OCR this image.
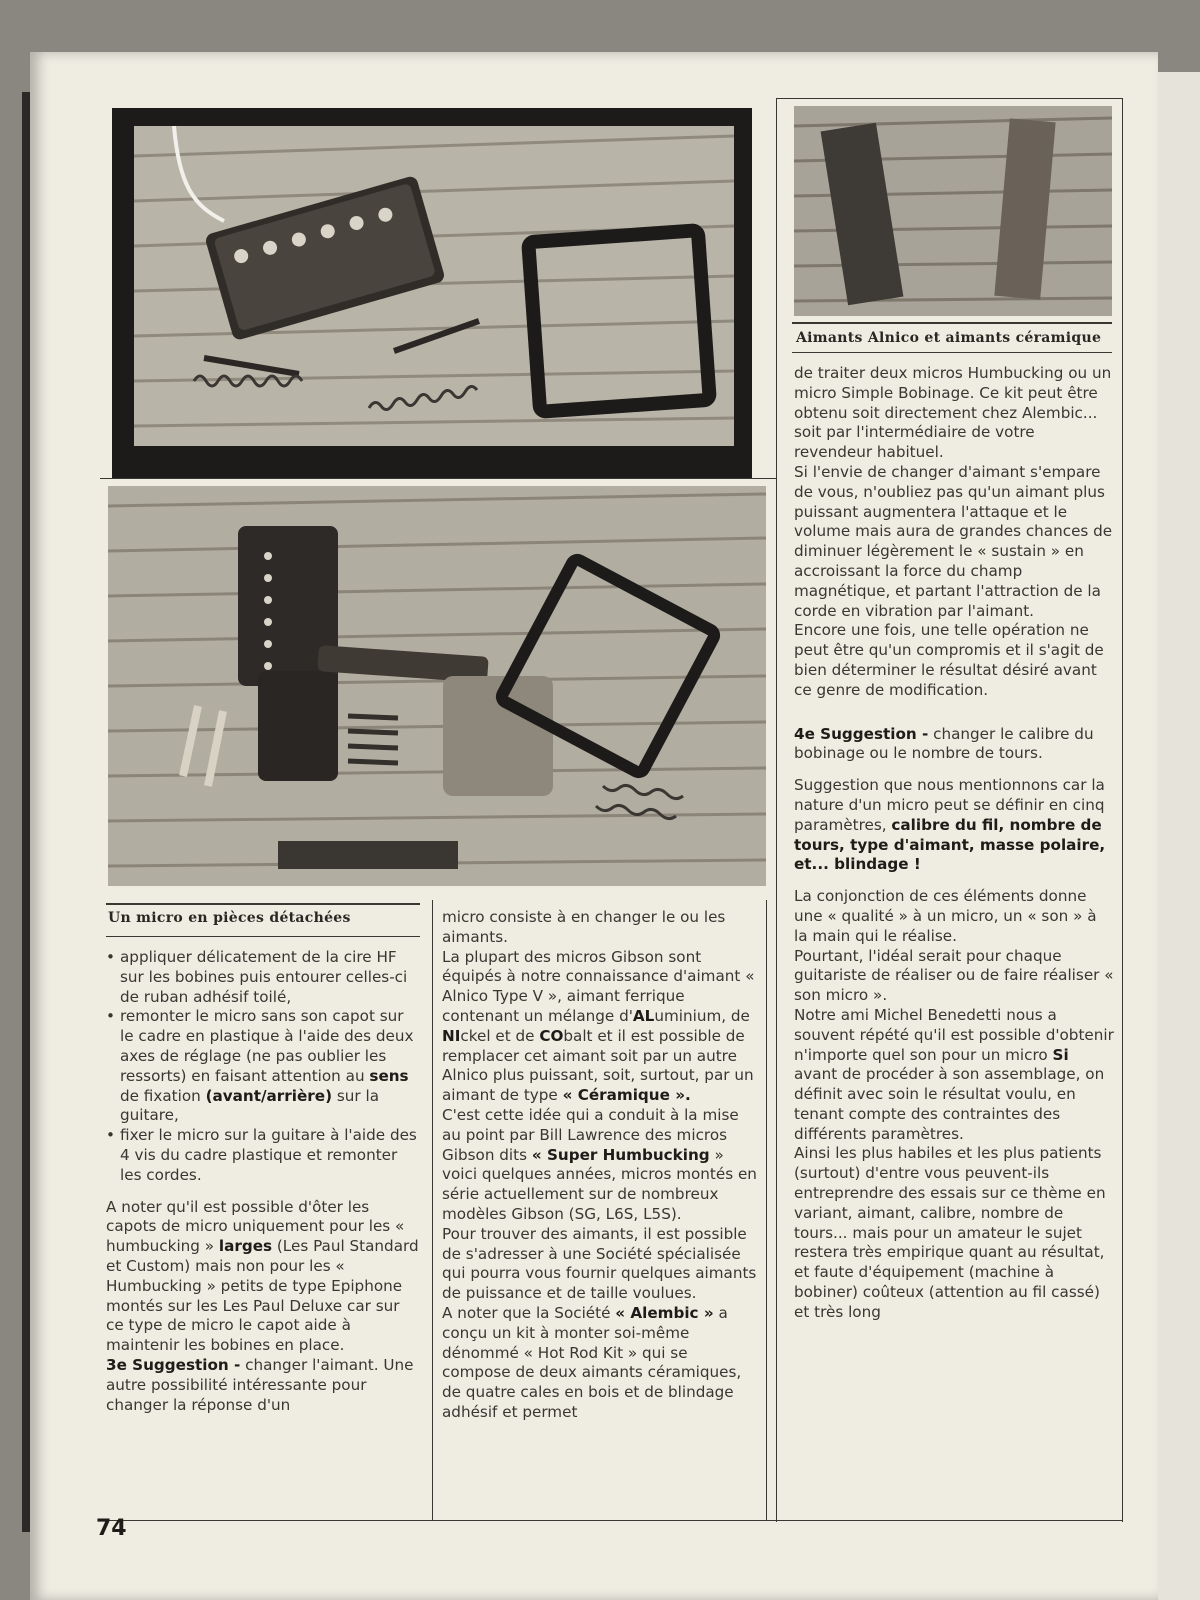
Aimants Alnico et aimants céramique
Un micro en pièces détachées
• appliquer délicatement de la cire HF sur les bobines puis entourer celles-ci de ruban adhésif toilé,
• remonter le micro sans son capot sur le cadre en plastique à l'aide des deux axes de réglage (ne pas oublier les ressorts) en faisant attention au sens de fixation (avant/arrière) sur la guitare,
• fixer le micro sur la guitare à l'aide des 4 vis du cadre plastique et remonter les cordes.

A noter qu'il est possible d'ôter les capots de micro uniquement pour les « humbucking » larges (Les Paul Standard et Custom) mais non pour les « Humbucking » petits de type Epiphone montés sur les Les Paul Deluxe car sur ce type de micro le capot aide à maintenir les bobines en place.

3e Suggestion - changer l'aimant. Une autre possibilité intéressante pour changer la réponse d'un

micro consiste à en changer le ou les aimants.

La plupart des micros Gibson sont équipés à notre connaissance d'aimant « Alnico Type V », aimant ferrique contenant un mélange d'ALuminium, de NIckel et de CObalt et il est possible de remplacer cet aimant soit par un autre Alnico plus puissant, soit, surtout, par un aimant de type « Céramique ».

C'est cette idée qui a conduit à la mise au point par Bill Lawrence des micros Gibson dits « Super Humbucking » voici quelques années, micros montés en série actuellement sur de nombreux modèles Gibson (SG, L6S, L5S).

Pour trouver des aimants, il est possible de s'adresser à une Société spécialisée qui pourra vous fournir quelques aimants de puissance et de taille voulues.

A noter que la Société « Alembic » a conçu un kit à monter soi-même dénommé « Hot Rod Kit » qui se compose de deux aimants céramiques, de quatre cales en bois et de blindage adhésif et permet

de traiter deux micros Humbucking ou un micro Simple Bobinage. Ce kit peut être obtenu soit directement chez Alembic... soit par l'intermédiaire de votre revendeur habituel.

Si l'envie de changer d'aimant s'empare de vous, n'oubliez pas qu'un aimant plus puissant augmentera l'attaque et le volume mais aura de grandes chances de diminuer légèrement le « sustain » en accroissant la force du champ magnétique, et partant l'attraction de la corde en vibration par l'aimant.

Encore une fois, une telle opération ne peut être qu'un compromis et il s'agit de bien déterminer le résultat désiré avant ce genre de modification.

4e Suggestion - changer le calibre du bobinage ou le nombre de tours.

Suggestion que nous mentionnons car la nature d'un micro peut se définir en cinq paramètres, calibre du fil, nombre de tours, type d'aimant, masse polaire, et... blindage !

La conjonction de ces éléments donne une « qualité » à un micro, un « son » à la main qui le réalise.

Pourtant, l'idéal serait pour chaque guitariste de réaliser ou de faire réaliser « son micro ».

Notre ami Michel Benedetti nous a souvent répété qu'il est possible d'obtenir n'importe quel son pour un micro Si avant de procéder à son assemblage, on définit avec soin le résultat voulu, en tenant compte des contraintes des différents paramètres.

Ainsi les plus habiles et les plus patients (surtout) d'entre vous peuvent-ils entreprendre des essais sur ce thème en variant, aimant, calibre, nombre de tours... mais pour un amateur le sujet restera très empirique quant au résultat, et faute d'équipement (machine à bobiner) coûteux (attention au fil cassé) et très long

74
